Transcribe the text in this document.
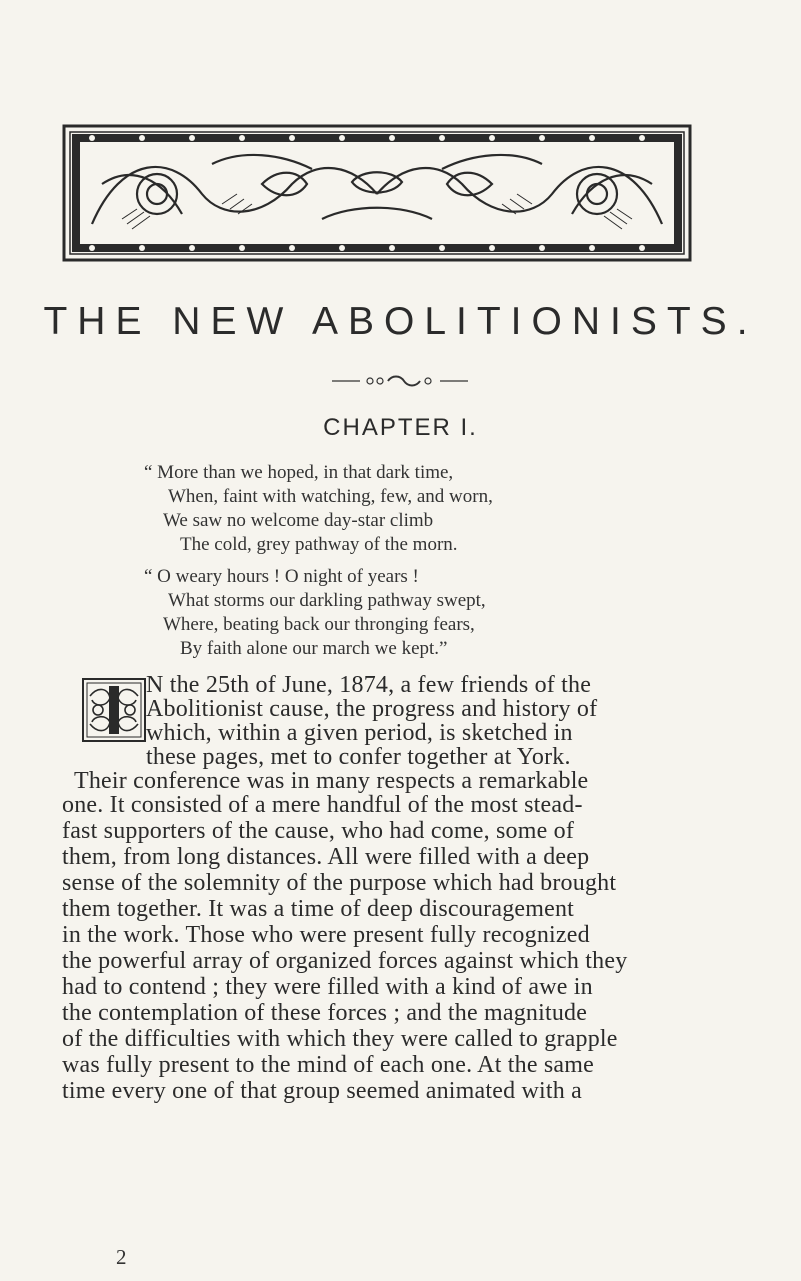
THE NEW ABOLITIONISTS.
CHAPTER I.
“ More than we hoped, in that dark time,
When, faint with watching, few, and worn,
We saw no welcome day-star climb
The cold, grey pathway of the morn.
“ O weary hours ! O night of years !
What storms our darkling pathway swept,
Where, beating back our thronging fears,
By faith alone our march we kept.”
N the 25th of June, 1874, a few friends of the
Abolitionist cause, the progress and history of
which, within a given period, is sketched in
these pages, met to confer together at York.
Their conference was in many respects a remarkable
one. It consisted of a mere handful of the most stead-
fast supporters of the cause, who had come, some of
them, from long distances. All were filled with a deep
sense of the solemnity of the purpose which had brought
them together. It was a time of deep discouragement
in the work. Those who were present fully recognized
the powerful array of organized forces against which they
had to contend ; they were filled with a kind of awe in
the contemplation of these forces ; and the magnitude
of the difficulties with which they were called to grapple
was fully present to the mind of each one. At the same
time every one of that group seemed animated with a
2
